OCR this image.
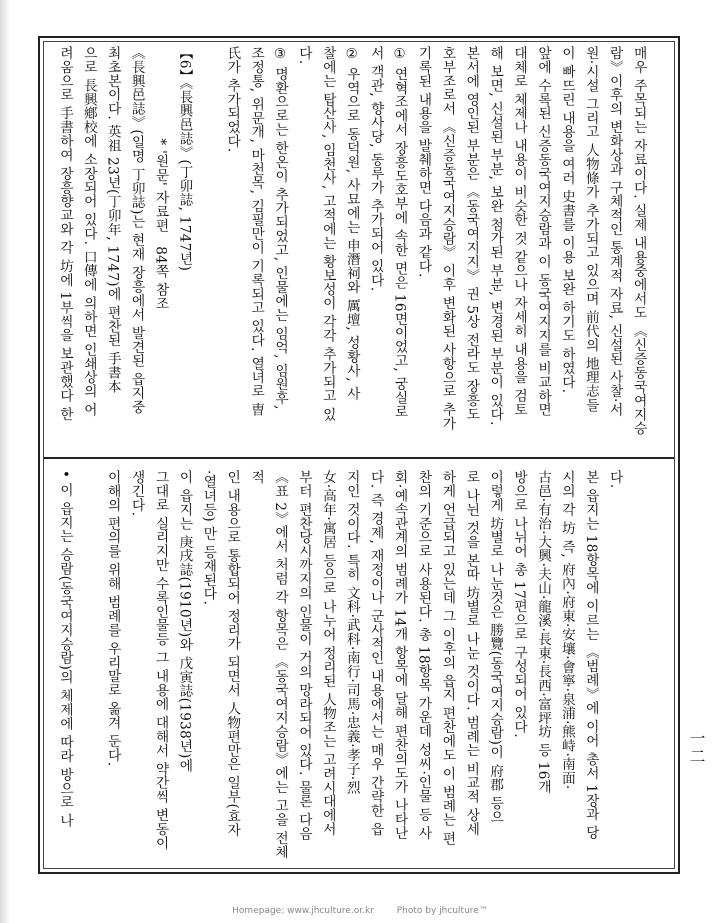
매우 주목되는 자료이다. 실제 내용중에서도 《신증동국여지승
람》이후의 변화상과 구체적인 통계적 자료, 신설된 사찰·서
원·시설 그리고 人物條가 추가되고 있으며 前代의 地理志들
이 빠뜨린 내용을 여러 史書를 이용 보완 하기도 하였다.
앞에 수록된 신증동국여지승람과 이 동국여지지를 비교하면
대체로 체제나 내용이 비슷한 것 같으나 자세히 내용을 검토
해 보면, 신설된 부분, 보완 첨가된 부분, 변경된 부분이 있다.
본서에 영인된 부분은 《동국여지지》 권 5상 전라도 장흥도
호부조로서 《신증동국여지승람》 이후 변화된 사항으로 추가
기록된 내용을 발췌하면 다음과 같다.
① 연혁조에서 장흥도호부에 속한 면은 16면이었고, 궁실로
서 객관, 향사당, 동루가 추가되어 있다.
② 우역으로 동덕원, 사묘에는 申潛祠와 厲壇, 성황사, 사
찰에는 탑산사, 임천사, 고적에는 황보성이 각각 추가되고 있
다.
③ 명환으로는 한온이 추가되었고, 인물에는 임억, 임원후,
조정통, 위문개, 마천목, 김필만이 기록되고 있다. 열녀로 曺
氏가 추가되었다.

【6】《長興邑誌》(丁卯誌, 1747년)
* '원문' 자료편   84쪽 참조
《長興邑誌》(일명 丁卯誌)는 현재 장흥에서 발견된 읍지중
최초본이다. 英祖 23년(丁卯年, 1747)에 편찬된 手書本
으로 長興鄕校에 소장되어 있다. 口傳에 의하면 인쇄상의 어
려움으로 手書하여 장흥향교와 각 坊에 1부씩을 보관했다 한
다.
본 읍지는 18항목에 이르는 《범례》에 이어 총서 1장과 당
시의 각 坊 즉, 府內·府東·安壤·會寧·泉浦·熊峙·南面·
古邑·有治·大興·夫山·龍溪·長東·長西·富坪坊 등 16개
방으로 나뉘어 총 17편으로 구성되어 있다.
이렇게 坊별로 나눈것은 勝覽(동국여지승람)이 府郡 등으
로 나뉜 것을 본따 坊별로 나눈 것이다. 범례는 비교적 상세
하게 언급되고 있는데 그 이후의 읍지 편찬에도 이 범례는 편
찬의 기준으로 사용된다. 총 18항목 가운데 성씨·인물 등 사
회·예속관계의 범례가 14개 항목에 달해 편찬의도가 나타난
다. 즉 경제, 재정이나 군사적인 내용에서는 매우 간략한 읍
지인 것이다. 특히 文科·武科·南行·司馬·忠義·孝子·烈
女·高年·寓居 등으로 나누어 정리된 人物조는 고려시대에서
부터 편찬당시까지의 인물이 거의 망라되어 있다. 물론 다음
《표 2》에서 처럼 각 항목은 《동국여지승람》에는 고을 전체적
인 내용으로 통합되어 정리가 되면서 人物편만은 일부(효자
·열녀등) 만 등재된다.
이 읍지는 庚戌誌(1910년)와 戊寅誌(1938년)에
그대로 실리지만 수록인물등 그 내용에 대해서 약간씩 변동이
생긴다.
이해의 편의를 위해 범례를 우리말로 옮겨 둔다.

• 이 읍지는 승람(동국여지승람)의 체제에 따라 방으로 나	一二
Homepage: www.jhculture.or.kr	Photo by jhculture™
